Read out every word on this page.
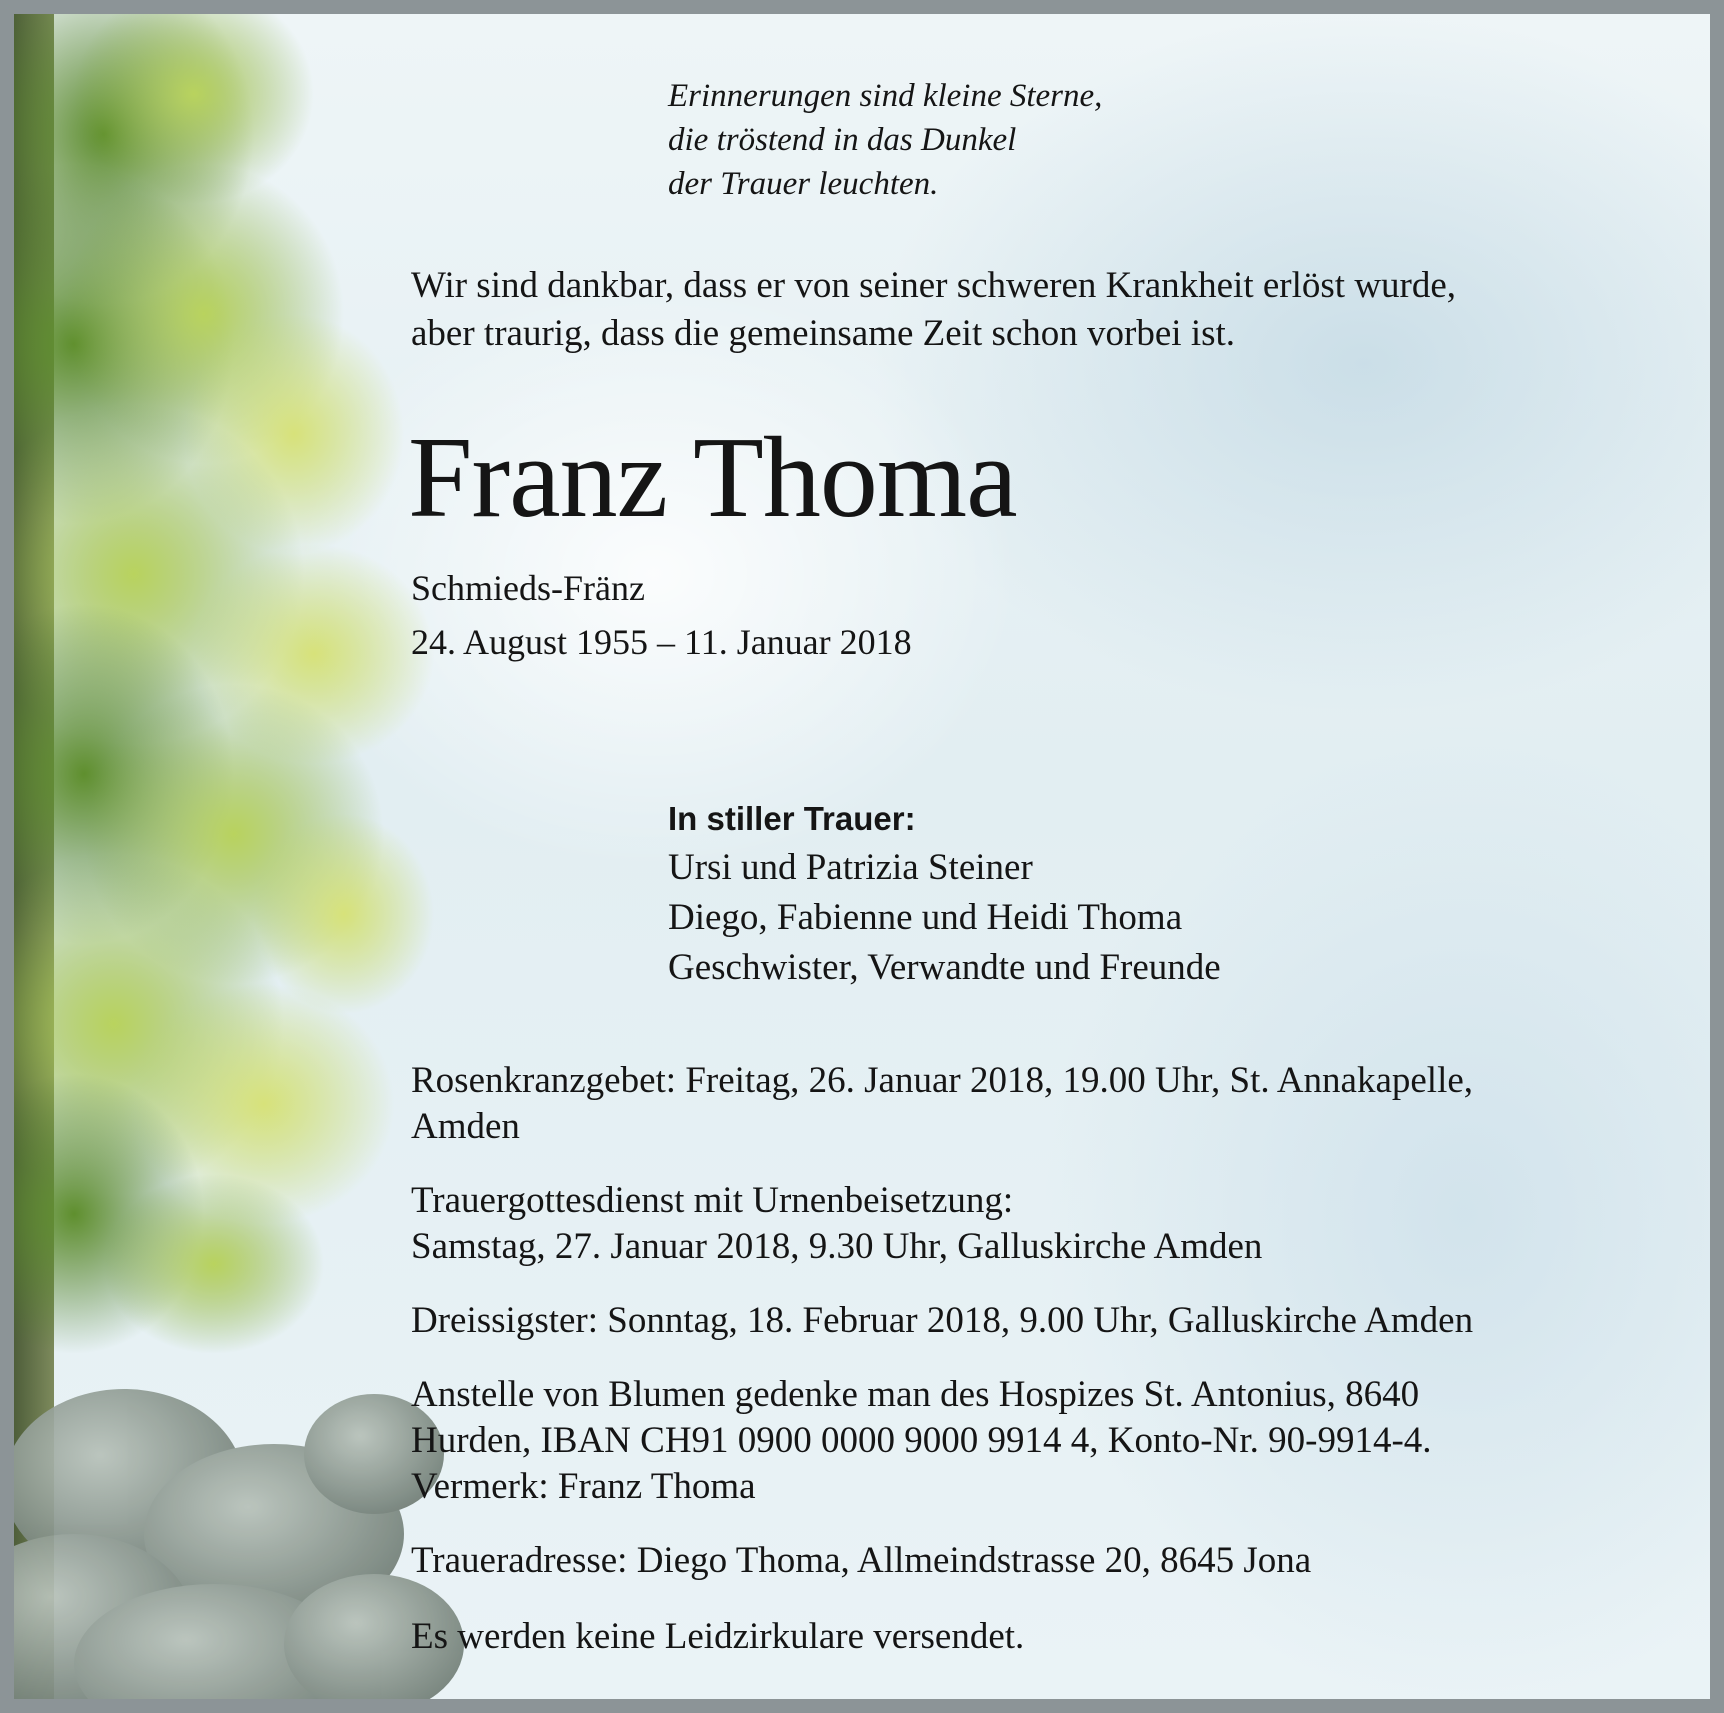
Erinnerungen sind kleine Sterne,
die tröstend in das Dunkel
der Trauer leuchten.
Wir sind dankbar, dass er von seiner schweren Krankheit erlöst wurde,
aber traurig, dass die gemeinsame Zeit schon vorbei ist.
Franz Thoma
Schmieds-Fränz
24. August 1955 – 11. Januar 2018
In stiller Trauer:
Ursi und Patrizia Steiner
Diego, Fabienne und Heidi Thoma
Geschwister, Verwandte und Freunde
Rosenkranzgebet: Freitag, 26. Januar 2018, 19.00 Uhr, St. Annakapelle,
Amden
Trauergottesdienst mit Urnenbeisetzung:
Samstag, 27. Januar 2018, 9.30 Uhr, Galluskirche Amden
Dreissigster: Sonntag, 18. Februar 2018, 9.00 Uhr, Galluskirche Amden
Anstelle von Blumen gedenke man des Hospizes St. Antonius, 8640
Hurden, IBAN CH91 0900 0000 9000 9914 4, Konto-Nr. 90-9914-4.
Vermerk: Franz Thoma
Traueradresse: Diego Thoma, Allmeindstrasse 20, 8645 Jona
Es werden keine Leidzirkulare versendet.
